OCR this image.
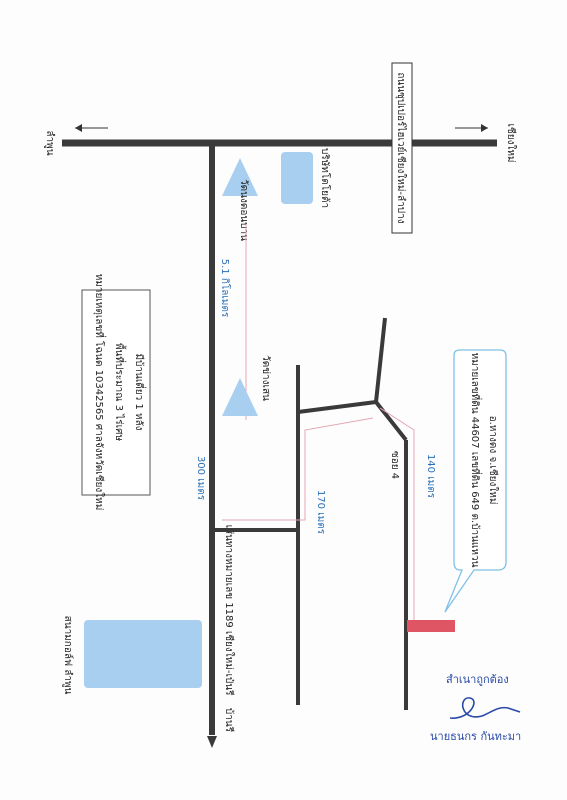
ถนนซุปเปอร์ไฮเวย์เชียงใหม่-ลำปาง
ลำพูน	เชียงใหม่
เส้นทางหมายเลข 1189 เชียงใหม่-เป๋นรี
บ้านรี
บริษัทโตโยต้า
วัดนงดอนบาน
5.1 กิโลเมตร
วัดข่างเสน
300 เมตร
หมายเหตุเลขที่ โฉนด 10342565 ศาลจังหวัดเชียงใหม่ พื้นที่ประมาณ 3 ไร่เศษ มีบ้านเดี่ยว 1 หลัง
ซอย 4
170 เมตร
140 เมตร	หมายเลขที่ดิน 44607 เลขที่ดิน 649 ต.บ้านแหวน อ.หางดง จ.เชียงใหม่
สนามกอล์ฟ ลำพูน	สำเนาถูกต้อง
นายธนกร กันทะมา
